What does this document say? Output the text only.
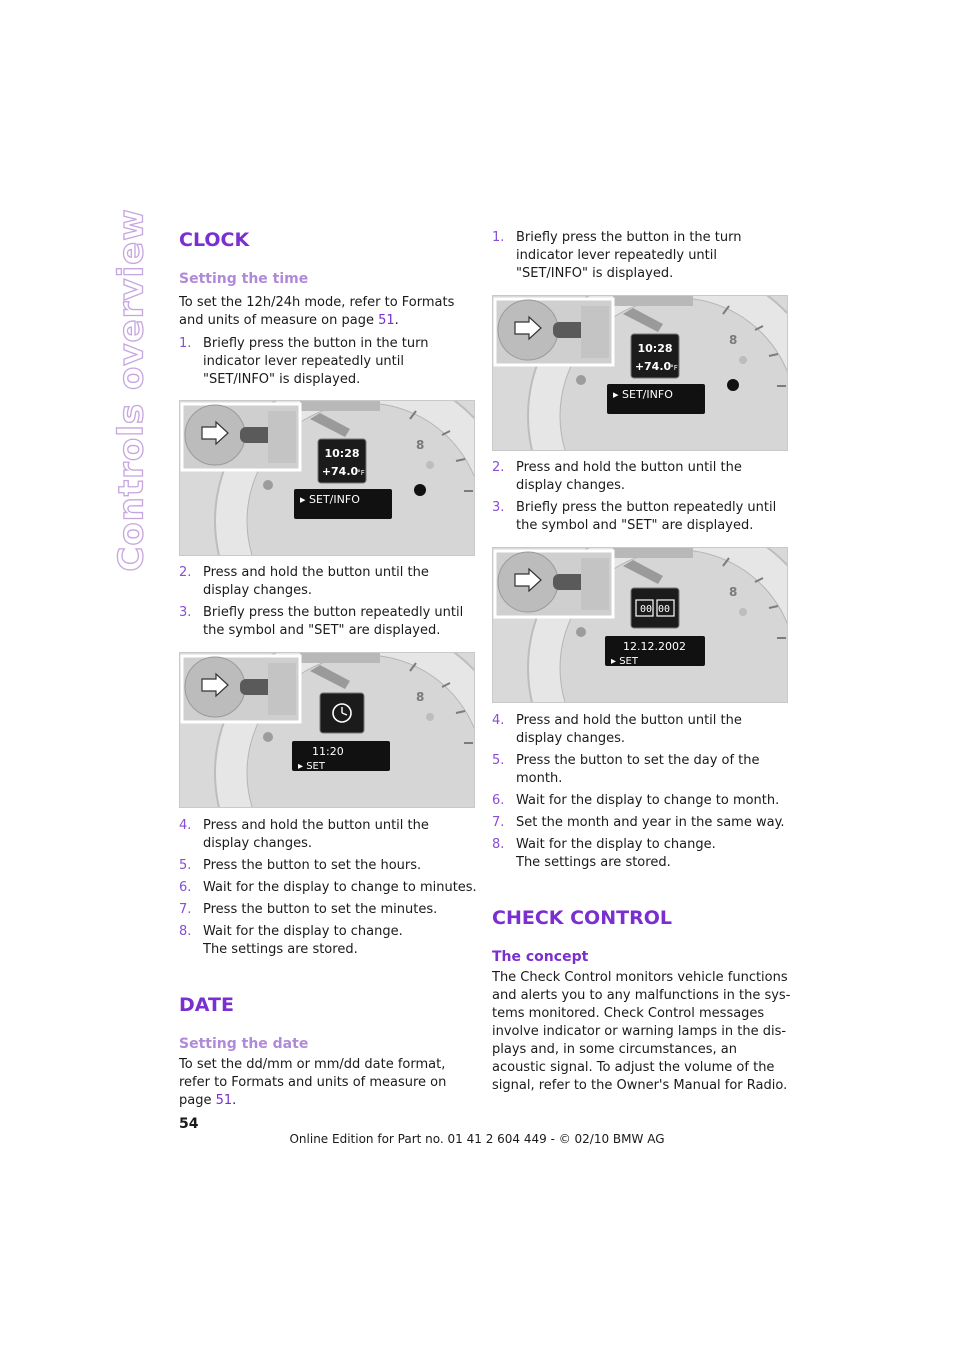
Controls overview CLOCK
Setting the time

To set the 12h/24h mode, refer to Formats and units of measure on page 51.

1. Briefly press the button in the turn indicator lever repeatedly until "SET/INFO" is displayed.
10:28
+74.0 °F
▸ SET/INFO
2. Press and hold the button until the display changes.
3. Briefly press the button repeatedly until the symbol and "SET" are displayed.
11:20
▸ SET
4. Press and hold the button until the display changes.
5. Press the button to set the hours.
6. Wait for the display to change to minutes.
7. Press the button to set the minutes.
8. Wait for the display to change.
The settings are stored.
DATE
Setting the date

To set the dd/mm or mm/dd date format, refer to Formats and units of measure on page 51.

1. Briefly press the button in the turn indicator lever repeatedly until "SET/INFO" is displayed.
10:28
+74.0 °F
▸ SET/INFO
2. Press and hold the button until the display changes.
3. Briefly press the button repeatedly until the symbol and "SET" are displayed.
00 00
12.12.2002
▸ SET
4. Press and hold the button until the display changes.
5. Press the button to set the day of the month.
6. Wait for the display to change to month.
7. Set the month and year in the same way.
8. Wait for the display to change.
The settings are stored.
CHECK CONTROL
The concept

The Check Control monitors vehicle functions and alerts you to any malfunctions in the systems monitored. Check Control messages involve indicator or warning lamps in the displays and, in some circumstances, an acoustic signal. To adjust the volume of the signal, refer to the Owner's Manual for Radio.

54
Online Edition for Part no. 01 41 2 604 449 - © 02/10 BMW AG
